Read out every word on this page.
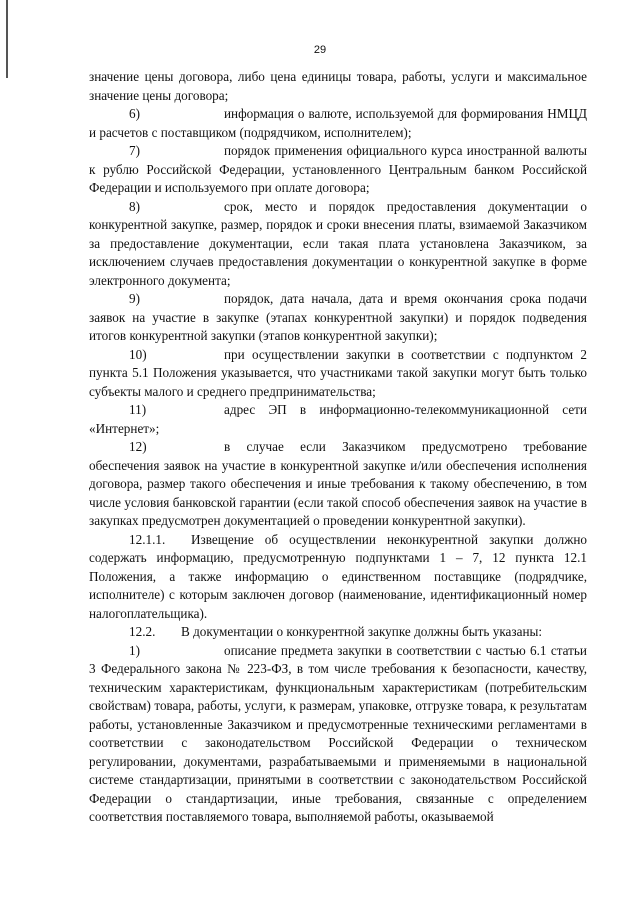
29

значение цены договора, либо цена единицы товара, работы, услуги и максимальное значение цены договора;

6)	информация о валюте, используемой для формирования НМЦД и расчетов с поставщиком (подрядчиком, исполнителем);

7)	порядок применения официального курса иностранной валюты к рублю Российской Федерации, установленного Центральным банком Российской Федерации и используемого при оплате договора;

8)	срок, место и порядок предоставления документации о конкурентной закупке, размер, порядок и сроки внесения платы, взимаемой Заказчиком за предоставление документации, если такая плата установлена Заказчиком, за исключением случаев предоставления документации о конкурентной закупке в форме электронного документа;

9)	порядок, дата начала, дата и время окончания срока подачи заявок на участие в закупке (этапах конкурентной закупки) и порядок подведения итогов конкурентной закупки (этапов конкурентной закупки);

10)	при осуществлении закупки в соответствии с подпунктом 2 пункта 5.1 Положения указывается, что участниками такой закупки могут быть только субъекты малого и среднего предпринимательства;

11)	адрес ЭП в информационно-телекоммуникационной сети «Интернет»;

12)	в случае если Заказчиком предусмотрено требование обеспечения заявок на участие в конкурентной закупке и/или обеспечения исполнения договора, размер такого обеспечения и иные требования к такому обеспечению, в том числе условия банковской гарантии (если такой способ обеспечения заявок на участие в закупках предусмотрен документацией о проведении конкурентной закупки).

12.1.1. Извещение об осуществлении неконкурентной закупки должно содержать информацию, предусмотренную подпунктами 1 – 7, 12 пункта 12.1 Положения, а также информацию о единственном поставщике (подрядчике, исполнителе) с которым заключен договор (наименование, идентификационный номер налогоплательщика).

12.2. В документации о конкурентной закупке должны быть указаны:

1)	описание предмета закупки в соответствии с частью 6.1 статьи 3 Федерального закона № 223-ФЗ, в том числе требования к безопасности, качеству, техническим характеристикам, функциональным характеристикам (потребительским свойствам) товара, работы, услуги, к размерам, упаковке, отгрузке товара, к результатам работы, установленные Заказчиком и предусмотренные техническими регламентами в соответствии с законодательством Российской Федерации о техническом регулировании, документами, разрабатываемыми и применяемыми в национальной системе стандартизации, принятыми в соответствии с законодательством Российской Федерации о стандартизации, иные требования, связанные с определением соответствия поставляемого товара, выполняемой работы, оказываемой
